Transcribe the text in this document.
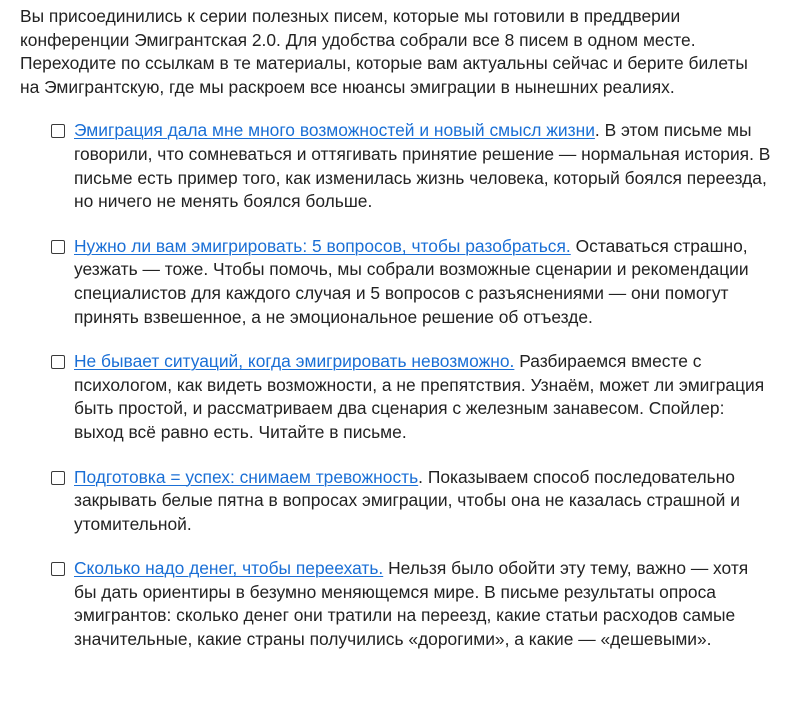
Вы присоединились к серии полезных писем, которые мы готовили в преддверии конференции Эмигрантская 2.0. Для удобства собрали все 8 писем в одном месте. Переходите по ссылкам в те материалы, которые вам актуальны сейчас и берите билеты на Эмигрантскую, где мы раскроем все нюансы эмиграции в нынешних реалиях.

Эмиграция дала мне много возможностей и новый смысл жизни. В этом письме мы говорили, что сомневаться и оттягивать принятие решение — нормальная история. В письме есть пример того, как изменилась жизнь человека, который боялся переезда, но ничего не менять боялся больше.

Нужно ли вам эмигрировать: 5 вопросов, чтобы разобраться. Оставаться страшно, уезжать — тоже. Чтобы помочь, мы собрали возможные сценарии и рекомендации специалистов для каждого случая и 5 вопросов с разъяснениями — они помогут принять взвешенное, а не эмоциональное решение об отъезде.

Не бывает ситуаций, когда эмигрировать невозможно. Разбираемся вместе с психологом, как видеть возможности, а не препятствия. Узнаём, может ли эмиграция быть простой, и рассматриваем два сценария с железным занавесом. Спойлер: выход всё равно есть. Читайте в письме.

Подготовка = успех: снимаем тревожность. Показываем способ последовательно закрывать белые пятна в вопросах эмиграции, чтобы она не казалась страшной и утомительной.

Сколько надо денег, чтобы переехать. Нельзя было обойти эту тему, важно — хотя бы дать ориентиры в безумно меняющемся мире. В письме результаты опроса эмигрантов: сколько денег они тратили на переезд, какие статьи расходов самые значительные, какие страны получились «дорогими», а какие — «дешевыми».
